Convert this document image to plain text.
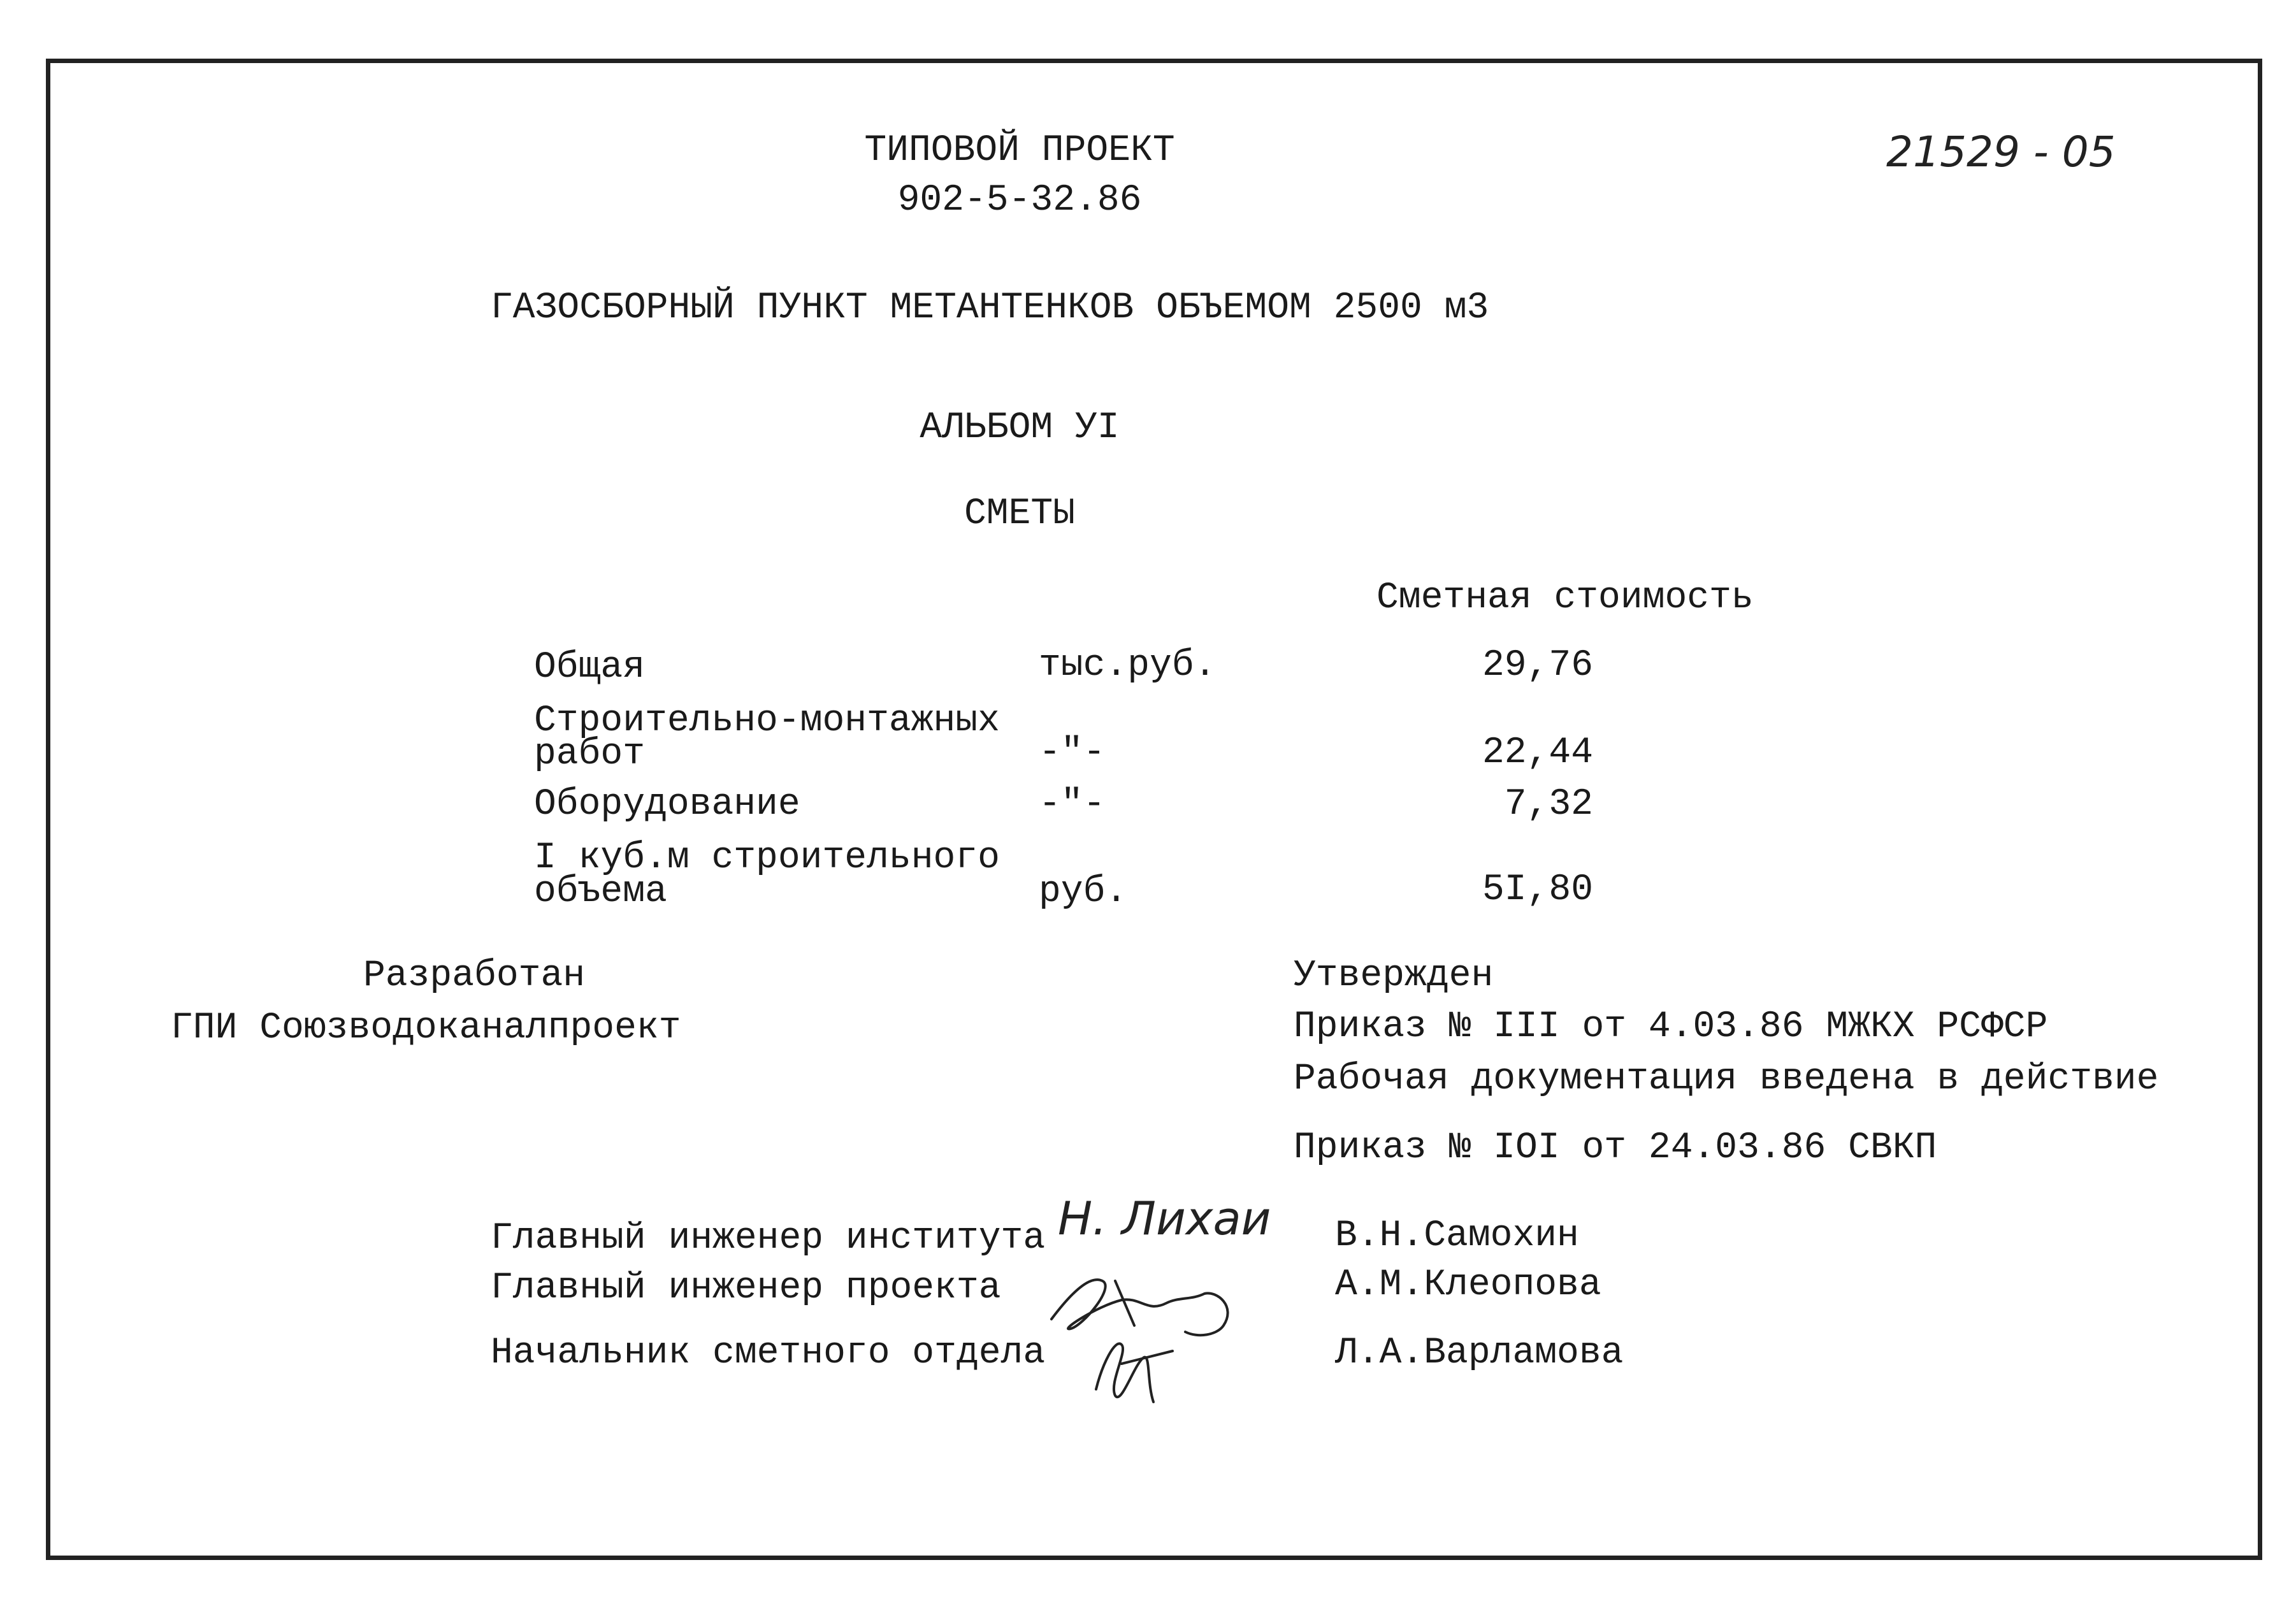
ТИПОВОЙ ПРОЕКТ
902-5-32.86
21529 - 05
ГАЗОСБОРНЫЙ ПУНКТ МЕТАНТЕНКОВ ОБЪЕМОМ 2500 м3
АЛЬБОМ УI
СМЕТЫ
Сметная стоимость
Общая	тыс.руб.	29,76
Строительно-монтажных
работ	-"-	22,44
Оборудование	-"-	7,32
I куб.м строительного
объема	руб.	5I,80
Разработан
ГПИ Союзводоканалпроект
Утвержден
Приказ № III от 4.03.86 МЖКХ РСФСР
Рабочая документация введена в действие
Приказ № IOI от 24.03.86 СВКП
Главный инженер института Н. Лихаи В.Н.Самохин
Главный инженер проекта	А.М.Клеопова
Начальник сметного отдела	Л.А.Варламова
